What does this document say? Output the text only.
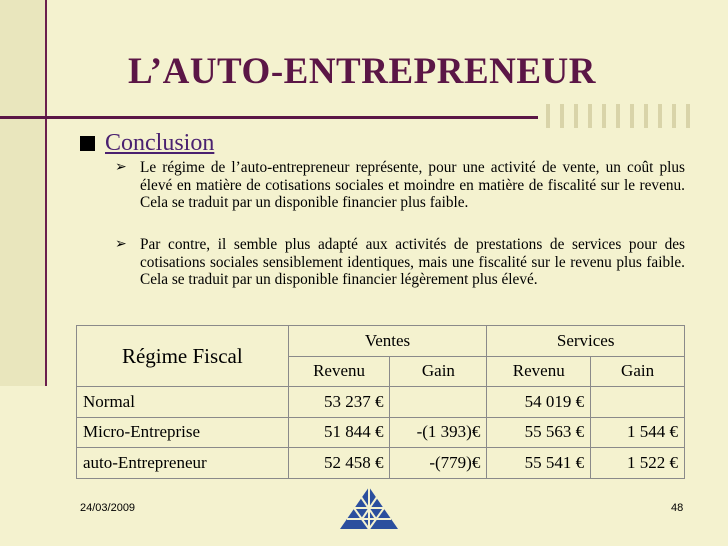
L’AUTO-ENTREPRENEUR
Conclusion
➢ Le régime de l’auto-entrepreneur représente, pour une activité de vente, un coût plus élevé en matière de cotisations sociales et moindre en matière de fiscalité sur le revenu. Cela se traduit par un disponible financier plus faible.
➢ Par contre, il semble plus adapté aux activités de prestations de services pour des cotisations sociales sensiblement identiques, mais une fiscalité sur le revenu plus faible. Cela se traduit par un disponible financier légèrement plus élevé.
Régime Fiscal	Ventes		Services	
	Revenu	Gain	Revenu	Gain
Normal	53 237 €		54 019 €	
Micro-Entreprise	51 844 €	-(1 393)€	55 563 €	1 544 €
auto-Entrepreneur	52 458 €	-(779)€	55 541 €	1 522 €
24/03/2009	48
